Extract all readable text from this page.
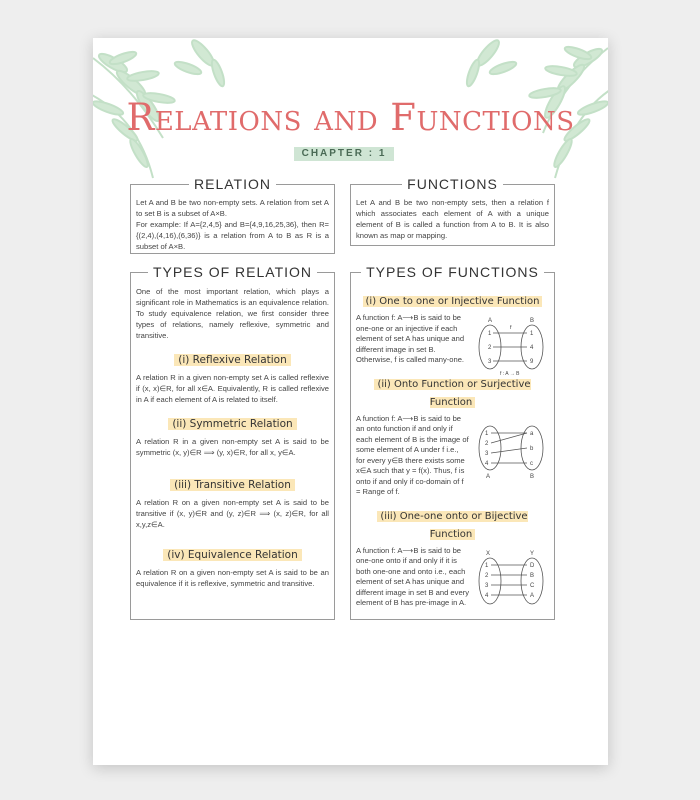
Relations and Functions
CHAPTER : 1
RELATION
Let A and B be two non-empty sets. A relation from set A to set B is a subset of A×B.
For example: If A={2,4,5} and B={4,9,16,25,36}, then R={(2,4),(4,16),(6,36)} is a relation from A to B as R is a subset of A×B.
FUNCTIONS
Let A and B be two non-empty sets, then a relation f which associates each element of A with a unique element of B is called a function from A to B. It is also known as map or mapping.
TYPES OF RELATION
One of the most important relation, which plays a significant role in Mathematics is an equivalence relation. To study equivalence relation, we first consider three types of relations, namely reflexive, symmetric and transitive.
(i) Reflexive Relation
A relation R in a given non-empty set A is called reflexive if (x, x)∈R, for all x∈A. Equivalently, R is called reflexive in A if each element of A is related to itself.
(ii) Symmetric Relation
A relation R in a given non-empty set A is said to be symmetric (x, y)∈R ⟹ (y, x)∈R, for all x, y∈A.
(iii) Transitive Relation
A relation R on a given non-empty set A is said to be transitive if (x, y)∈R and (y, z)∈R ⟹ (x, z)∈R, for all x,y,z∈A.
(iv) Equivalence Relation
A relation R on a given non-empty set A is said to be an equivalence if it is reflexive, symmetric and transitive.
TYPES OF FUNCTIONS
(i) One to one or Injective Function
A function f: A⟶B is said to be one-one or an injective if each element of set A has unique and different image in set B. Otherwise, f is called many-one.
A	B
1
2
3
1
4
9
f
f : A → B
(ii) Onto Function or Surjective Function
A function f: A⟶B is said to be an onto function if and only if each element of B is the image of some element of A under f i.e., for every y∈B there exists some x∈A such that y = f(x). Thus, f is onto if and only if co-domain of f = Range of f.
1
2
3
4
a
b
c
A	B
(iii) One-one onto or Bijective Function
A function f: A⟶B is said to be one-one onto if and only if it is both one-one and onto i.e., each element of set A has unique and different image in set B and every element of B has pre-image in A.
X	Y
1
2
3
4
D
B
C
A
